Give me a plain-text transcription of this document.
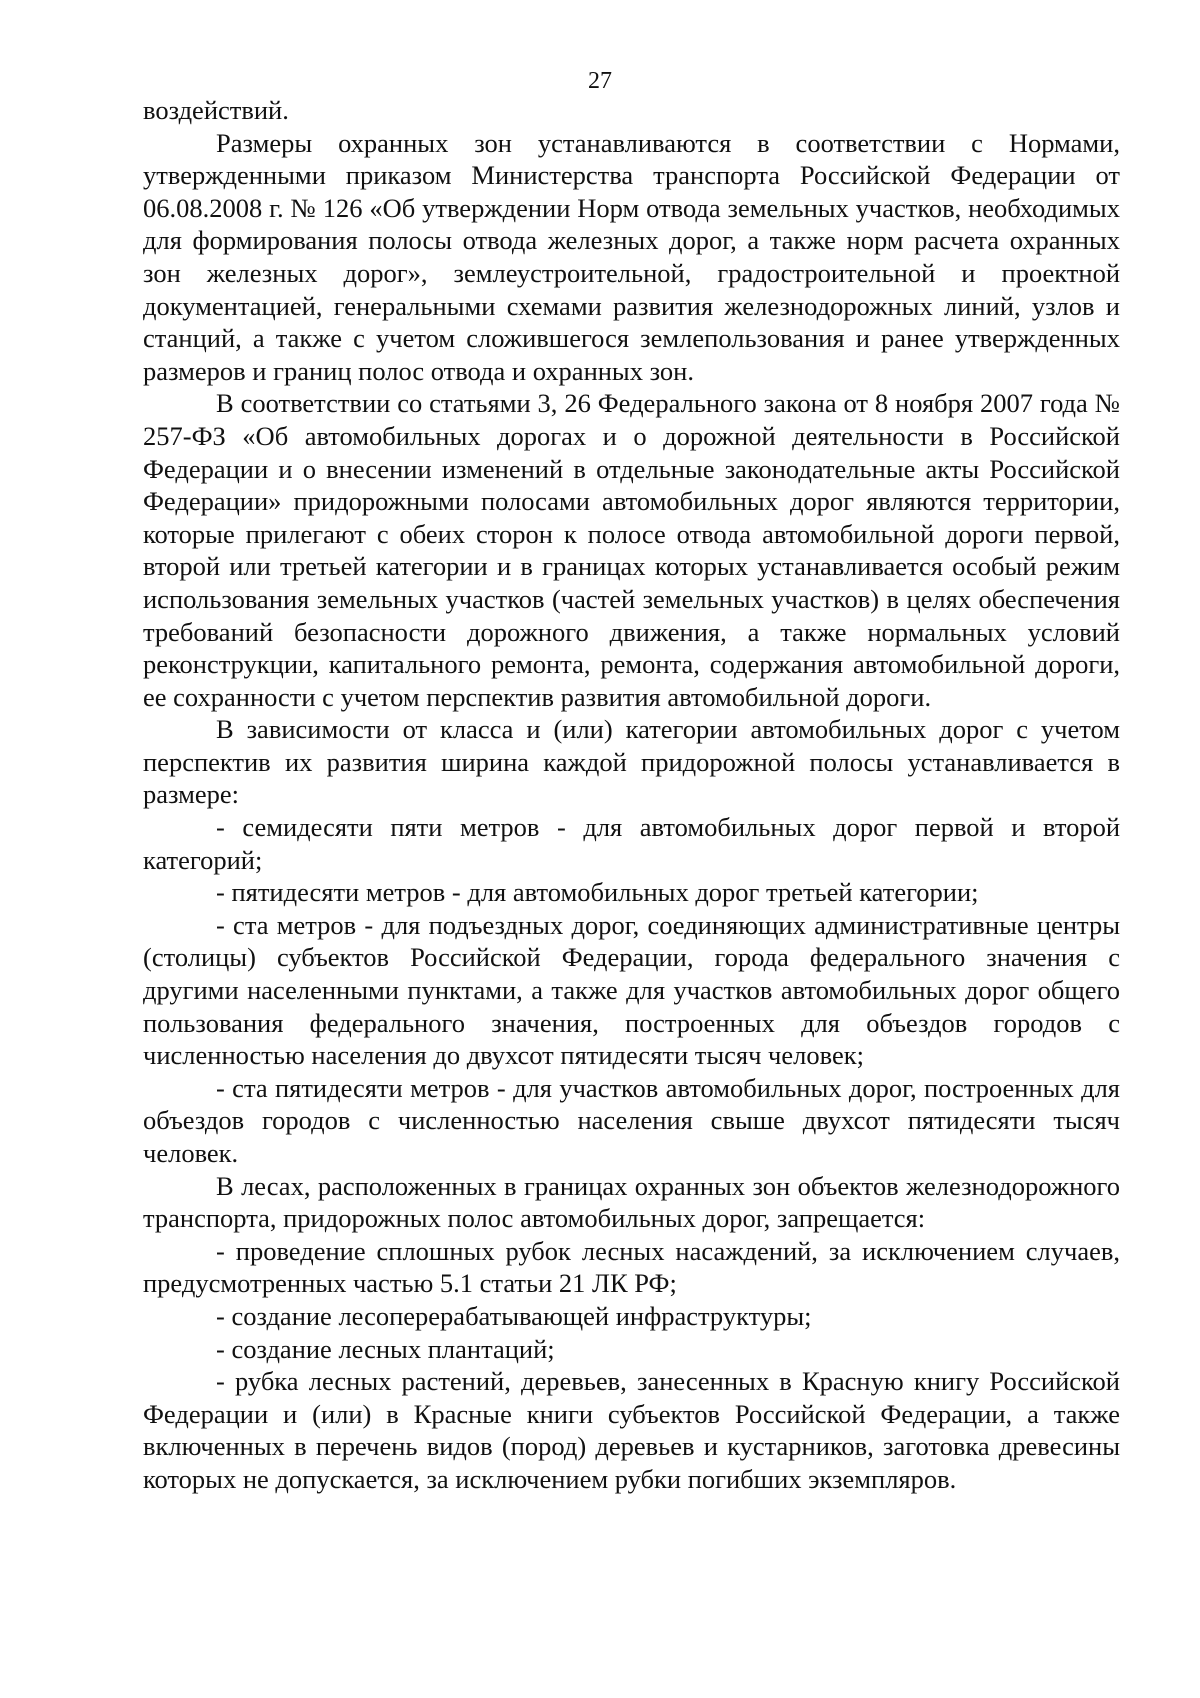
27

воздействий.

Размеры охранных зон устанавливаются в соответствии с Нормами, утвержденными приказом Министерства транспорта Российской Федерации от 06.08.2008 г. № 126 «Об утверждении Норм отвода земельных участков, необходимых для формирования полосы отвода железных дорог, а также норм расчета охранных зон железных дорог», землеустроительной, градостроительной и проектной документацией, генеральными схемами развития железнодорожных линий, узлов и станций, а также с учетом сложившегося землепользования и ранее утвержденных размеров и границ полос отвода и охранных зон.

В соответствии со статьями 3, 26 Федерального закона от 8 ноября 2007 года № 257-ФЗ «Об автомобильных дорогах и о дорожной деятельности в Российской Федерации и о внесении изменений в отдельные законодательные акты Российской Федерации» придорожными полосами автомобильных дорог являются территории, которые прилегают с обеих сторон к полосе отвода автомобильной дороги первой, второй или третьей категории и в границах которых устанавливается особый режим использования земельных участков (частей земельных участков) в целях обеспечения требований безопасности дорожного движения, а также нормальных условий реконструкции, капитального ремонта, ремонта, содержания автомобильной дороги, ее сохранности с учетом перспектив развития автомобильной дороги.

В зависимости от класса и (или) категории автомобильных дорог с учетом перспектив их развития ширина каждой придорожной полосы устанавливается в размере:

- семидесяти пяти метров - для автомобильных дорог первой и второй категорий;

- пятидесяти метров - для автомобильных дорог третьей категории;

- ста метров - для подъездных дорог, соединяющих административные центры (столицы) субъектов Российской Федерации, города федерального значения с другими населенными пунктами, а также для участков автомобильных дорог общего пользования федерального значения, построенных для объездов городов с численностью населения до двухсот пятидесяти тысяч человек;

- ста пятидесяти метров - для участков автомобильных дорог, построенных для объездов городов с численностью населения свыше двухсот пятидесяти тысяч человек.

В лесах, расположенных в границах охранных зон объектов железнодорожного транспорта, придорожных полос автомобильных дорог, запрещается:

- проведение сплошных рубок лесных насаждений, за исключением случаев, предусмотренных частью 5.1 статьи 21 ЛК РФ;

- создание лесоперерабатывающей инфраструктуры;

- создание лесных плантаций;

- рубка лесных растений, деревьев, занесенных в Красную книгу Российской Федерации и (или) в Красные книги субъектов Российской Федерации, а также включенных в перечень видов (пород) деревьев и кустарников, заготовка древесины которых не допускается, за исключением рубки погибших экземпляров.
